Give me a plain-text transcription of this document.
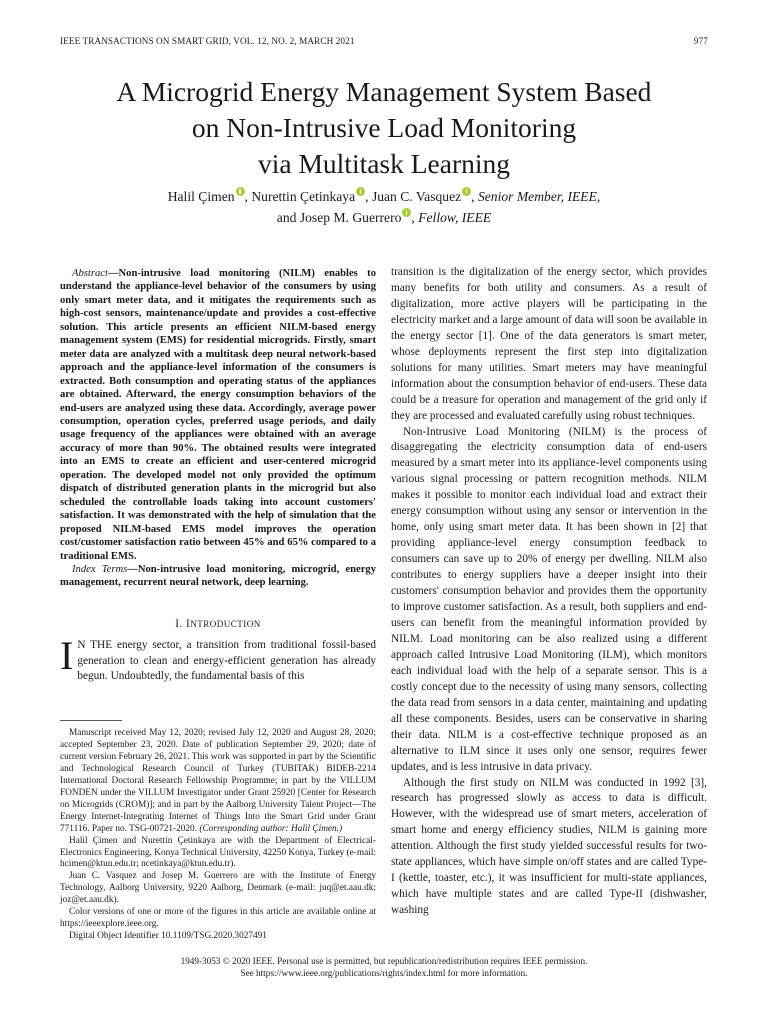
IEEE TRANSACTIONS ON SMART GRID, VOL. 12, NO. 2, MARCH 2021	977
A Microgrid Energy Management System Based
on Non-Intrusive Load Monitoring
via Multitask Learning
Halil Çimen , Nurettin Çetinkaya , Juan C. Vasquez , Senior Member, IEEE,
and Josep M. Guerrero , Fellow, IEEE

Abstract—Non-intrusive load monitoring (NILM) enables to understand the appliance-level behavior of the consumers by using only smart meter data, and it mitigates the requirements such as high-cost sensors, maintenance/update and provides a cost-effective solution. This article presents an efficient NILM-based energy management system (EMS) for residential microgrids. Firstly, smart meter data are analyzed with a multitask deep neural network-based approach and the appliance-level information of the consumers is extracted. Both consumption and operating status of the appliances are obtained. Afterward, the energy consumption behaviors of the end-users are analyzed using these data. Accordingly, average power consumption, operation cycles, preferred usage periods, and daily usage frequency of the appliances were obtained with an average accuracy of more than 90%. The obtained results were integrated into an EMS to create an efficient and user-centered microgrid operation. The developed model not only provided the optimum dispatch of distributed generation plants in the microgrid but also scheduled the controllable loads taking into account customers' satisfaction. It was demonstrated with the help of simulation that the proposed NILM-based EMS model improves the operation cost/customer satisfaction ratio between 45% and 65% compared to a traditional EMS.

Index Terms—Non-intrusive load monitoring, microgrid, energy management, recurrent neural network, deep learning.

I. INTRODUCTION

I N THE energy sector, a transition from traditional fossil-based generation to clean and energy-efficient generation has already begun. Undoubtedly, the fundamental basis of this

Manuscript received May 12, 2020; revised July 12, 2020 and August 28, 2020; accepted September 23, 2020. Date of publication September 29, 2020; date of current version February 26, 2021. This work was supported in part by the Scientific and Technological Research Council of Turkey (TUBITAK) BIDEB-2214 International Doctoral Research Fellowship Programme; in part by the VILLUM FONDEN under the VILLUM Investigator under Grant 25920 [Center for Research on Microgrids (CROM)]; and in part by the Aalborg University Talent Project—The Energy Internet-Integrating Internet of Things Into the Smart Grid under Grant 771116. Paper no. TSG-00721-2020. (Corresponding author: Halil Çimen.)

Halil Çimen and Nurettin Çetinkaya are with the Department of Electrical-Electronics Engineering, Konya Technical University, 42250 Konya, Turkey (e-mail: hcimen@ktun.edu.tr; ncetinkaya@ktun.edu.tr).

Juan C. Vasquez and Josep M. Guerrero are with the Institute of Energy Technology, Aalborg University, 9220 Aalborg, Denmark (e-mail: juq@et.aau.dk; joz@et.aau.dk).

Color versions of one or more of the figures in this article are available online at https://ieeexplore.ieee.org.

Digital Object Identifier 10.1109/TSG.2020.3027491

transition is the digitalization of the energy sector, which provides many benefits for both utility and consumers. As a result of digitalization, more active players will be participating in the electricity market and a large amount of data will soon be available in the energy sector [1]. One of the data generators is smart meter, whose deployments represent the first step into digitalization solutions for many utilities. Smart meters may have meaningful information about the consumption behavior of end-users. These data could be a treasure for operation and management of the grid only if they are processed and evaluated carefully using robust techniques.

Non-Intrusive Load Monitoring (NILM) is the process of disaggregating the electricity consumption data of end-users measured by a smart meter into its appliance-level components using various signal processing or pattern recognition methods. NILM makes it possible to monitor each individual load and extract their energy consumption without using any sensor or intervention in the home, only using smart meter data. It has been shown in [2] that providing appliance-level energy consumption feedback to consumers can save up to 20% of energy per dwelling. NILM also contributes to energy suppliers have a deeper insight into their customers' consumption behavior and provides them the opportunity to improve customer satisfaction. As a result, both suppliers and end-users can benefit from the meaningful information provided by NILM. Load monitoring can be also realized using a different approach called Intrusive Load Monitoring (ILM), which monitors each individual load with the help of a separate sensor. This is a costly concept due to the necessity of using many sensors, collecting the data read from sensors in a data center, maintaining and updating all these components. Besides, users can be conservative in sharing their data. NILM is a cost-effective technique proposed as an alternative to ILM since it uses only one sensor, requires fewer updates, and is less intrusive in data privacy.

Although the first study on NILM was conducted in 1992 [3], research has progressed slowly as access to data is difficult. However, with the widespread use of smart meters, acceleration of smart home and energy efficiency studies, NILM is gaining more attention. Although the first study yielded successful results for two-state appliances, which have simple on/off states and are called Type-I (kettle, toaster, etc.), it was insufficient for multi-state appliances, which have multiple states and are called Type-II (dishwasher, washing

1949-3053 © 2020 IEEE. Personal use is permitted, but republication/redistribution requires IEEE permission.
See https://www.ieee.org/publications/rights/index.html for more information.
